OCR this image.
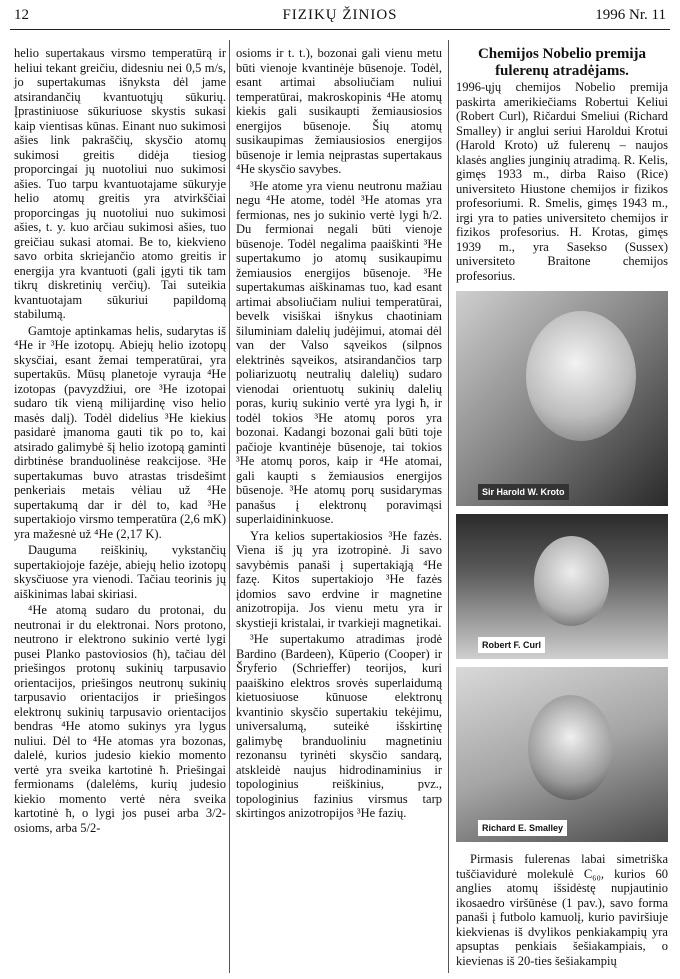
12	FIZIKŲ ŽINIOS	1996 Nr. 11

helio supertakaus virsmo temperatūrą ir heliui tekant greičiu, didesniu nei 0,5 m/s, jo supertakumas išnyksta dėl jame atsirandančių kvantuotųjų sūkurių. Įprastiniuose sūkuriuose skystis sukasi kaip vientisas kūnas. Einant nuo sukimosi ašies link pakraščių, skysčio atomų sukimosi greitis didėja tiesiog proporcingai jų nuotoliui nuo sukimosi ašies. Tuo tarpu kvantuotajame sūkuryje helio atomų greitis yra atvirkščiai proporcingas jų nuotoliui nuo sukimosi ašies, t. y. kuo arčiau sukimosi ašies, tuo greičiau sukasi atomai. Be to, kiekvieno savo orbita skriejančio atomo greitis ir energija yra kvantuoti (gali įgyti tik tam tikrų diskretinių verčių). Tai suteikia kvantuotajam sūkuriui papildomą stabilumą.

Gamtoje aptinkamas helis, sudarytas iš ⁴He ir ³He izotopų. Abiejų helio izotopų skysčiai, esant žemai temperatūrai, yra supertakūs. Mūsų planetoje vyrauja ⁴He izotopas (pavyzdžiui, ore ³He izotopai sudaro tik vieną milijardinę viso helio masės dalį). Todėl didelius ³He kiekius pasidarė įmanoma gauti tik po to, kai atsirado galimybė šį helio izotopą gaminti dirbtinėse branduolinėse reakcijose. ³He supertakumas buvo atrastas trisdešimt penkeriais metais vėliau už ⁴He supertakumą dar ir dėl to, kad ³He supertakiojo virsmo temperatūra (2,6 mK) yra mažesnė už ⁴He (2,17 K).

Dauguma reiškinių, vykstančių supertakiojoje fazėje, abiejų helio izotopų skysčiuose yra vienodi. Tačiau teorinis jų aiškinimas labai skiriasi.

⁴He atomą sudaro du protonai, du neutronai ir du elektronai. Nors protono, neutrono ir elektrono sukinio vertė lygi pusei Planko pastoviosios (ħ), tačiau dėl priešingos protonų sukinių tarpusavio orientacijos, priešingos neutronų sukinių tarpusavio orientacijos ir priešingos elektronų sukinių tarpusavio orientacijos bendras ⁴He atomo sukinys yra lygus nuliui. Dėl to ⁴He atomas yra bozonas, dalelė, kurios judesio kiekio momento vertė yra sveika kartotinė ħ. Priešingai fermionams (dalelėms, kurių judesio kiekio momento vertė nėra sveika kartotinė ħ, o lygi jos pusei arba 3/2-osioms, arba 5/2-

osioms ir t. t.), bozonai gali vienu metu būti vienoje kvantinėje būsenoje. Todėl, esant artimai absoliučiam nuliui temperatūrai, makroskopinis ⁴He atomų kiekis gali susikaupti žemiausiosios energijos būsenoje. Šių atomų susikaupimas žemiausiosios energijos būsenoje ir lemia neįprastas supertakaus ⁴He skysčio savybes.

³He atome yra vienu neutronu mažiau negu ⁴He atome, todėl ³He atomas yra fermionas, nes jo sukinio vertė lygi ħ/2. Du fermionai negali būti vienoje būsenoje. Todėl negalima paaiškinti ³He supertakumo jo atomų susikaupimu žemiausios energijos būsenoje. ³He supertakumas aiškinamas tuo, kad esant artimai absoliučiam nuliui temperatūrai, bevelk visiškai išnykus chaotiniam šiluminiam dalelių judėjimui, atomai dėl van der Valso sąveikos (silpnos elektrinės sąveikos, atsirandančios tarp poliarizuotų neutralių dalelių) sudaro vienodai orientuotų sukinių dalelių poras, kurių sukinio vertė yra lygi ħ, ir todėl tokios ³He atomų poros yra bozonai. Kadangi bozonai gali būti toje pačioje kvantinėje būsenoje, tai tokios ³He atomų poros, kaip ir ⁴He atomai, gali kaupti s žemiausios energijos būsenoje. ³He atomų porų susidarymas panašus į elektronų poravimąsi superlaidininkuose.

Yra kelios supertakiosios ³He fazės. Viena iš jų yra izotropinė. Ji savo savybėmis panaši į supertakiąją ⁴He fazę. Kitos supertakiojo ³He fazės įdomios savo erdvine ir magnetine anizotropija. Jos vienu metu yra ir skystieji kristalai, ir tvarkieji magnetikai.

³He supertakumo atradimas įrodė Bardino (Bardeen), Kūperio (Cooper) ir Šryferio (Schrieffer) teorijos, kuri paaiškino elektros srovės superlaidumą kietuosiuose kūnuose elektronų kvantinio skysčio supertakiu tekėjimu, universalumą, suteikė išskirtinę galimybę branduoliniu magnetiniu rezonansu tyrinėti skysčio sandarą, atskleidė naujus hidrodinaminius ir topologinius reiškinius, pvz., topologinius fazinius virsmus tarp skirtingos anizotropijos ³He fazių.

Chemijos Nobelio premija fulerenų atradėjams.
1996-ųjų chemijos Nobelio premija paskirta amerikiečiams Robertui Keliui (Robert Curl), Ričardui Smeliui (Richard Smalley) ir anglui seriui Haroldui Krotui (Harold Kroto) už fulerenų – naujos klasės anglies junginių atradimą. R. Kelis, gimęs 1933 m., dirba Raiso (Rice) universiteto Hiustone chemijos ir fizikos profesoriumi. R. Smelis, gimęs 1943 m., irgi yra to paties universiteto chemijos ir fizikos profesorius. H. Krotas, gimęs 1939 m., yra Sasekso (Sussex) universiteto Braitone chemijos profesorius.
Sir Harold W. Kroto
Robert F. Curl
Richard E. Smalley

Pirmasis fulerenas labai simetriška tuščiavidurė molekulė C₆₀, kurios 60 anglies atomų išsidėstę nupjautinio ikosaedro viršūnėse (1 pav.), savo forma panaši į futbolo kamuolį, kurio paviršiuje kiekvienas iš dvylikos penkiakampių yra apsuptas penkiais šešiakampiais, o kievienas iš 20-ties šešiakampių
